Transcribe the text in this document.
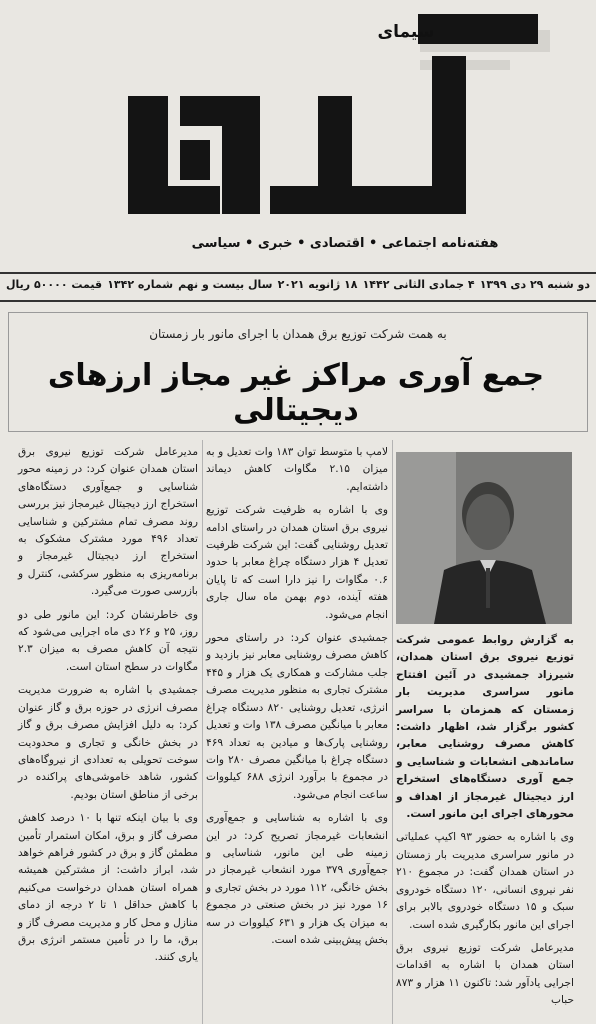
سیمای
هفته‌نامه اجتماعی • اقتصادی • خبری • سیاسی
دو شنبه ۲۹ دی ۱۳۹۹
۴ جمادی الثانی ۱۴۴۲
۱۸ ژانویه ۲۰۲۱
سال بیست و نهم
شماره ۱۳۴۲
قیمت ۵۰۰۰۰ ریال
به همت شرکت توزیع برق همدان با اجرای مانور بار زمستان
جمع آوری مراکز غیر مجاز ارزهای دیجیتالی

به گزارش روابط عمومی شرکت توزیع نیروی برق استان همدان، شیرزاد جمشیدی در آئین افتتاح مانور سراسری مدیریت بار زمستان که همزمان با سراسر کشور برگزار شد، اظهار داشت: کاهش مصرف روشنایی معابر، ساماندهی انشعابات و شناسایی و جمع آوری دستگاه‌های استخراج ارز دیجیتال غیرمجاز از اهداف و محورهای اجرای این مانور است.

وی با اشاره به حضور ۹۳ اکیپ عملیاتی در مانور سراسری مدیریت بار زمستان در استان همدان گفت: در مجموع ۲۱۰ نفر نیروی انسانی، ۱۲۰ دستگاه خودروی سبک و ۱۵ دستگاه خودروی بالابر برای اجرای این مانور بکارگیری شده است.

مدیرعامل شرکت توزیع نیروی برق استان همدان با اشاره به اقدامات اجرایی یادآور شد: تاکنون ۱۱ هزار و ۸۷۳ حباب

لامپ با متوسط توان ۱۸۳ وات تعدیل و به میزان ۲.۱۵ مگاوات کاهش دیماند داشته‌ایم.

وی با اشاره به ظرفیت شرکت توزیع نیروی برق استان همدان در راستای ادامه تعدیل روشنایی گفت: این شرکت ظرفیت تعدیل ۴ هزار دستگاه چراغ معابر با حدود ۰.۶ مگاوات را نیز دارا است که تا پایان هفته آینده، دوم بهمن ماه سال جاری انجام می‌شود.

جمشیدی عنوان کرد: در راستای محور کاهش مصرف روشنایی معابر نیز بازدید و جلب مشارکت و همکاری یک هزار و ۴۴۵ مشترک تجاری به منظور مدیریت مصرف انرژی، تعدیل روشنایی ۸۲۰ دستگاه چراغ معابر با میانگین مصرف ۱۳۸ وات و تعدیل روشنایی پارک‌ها و میادین به تعداد ۴۶۹ دستگاه چراغ با میانگین مصرف ۲۸۰ وات در مجموع با برآورد انرژی ۶۸۸ کیلووات ساعت انجام می‌شود.

وی با اشاره به شناسایی و جمع‌آوری انشعابات غیرمجاز تصریح کرد: در این زمینه طی این مانور، شناسایی و جمع‌آوری ۳۷۹ مورد انشعاب غیرمجاز در بخش خانگی، ۱۱۲ مورد در بخش تجاری و ۱۶ مورد نیز در بخش صنعتی در مجموع به میزان یک هزار و ۶۳۱ کیلووات در سه بخش پیش‌بینی شده است.

مدیرعامل شرکت توزیع نیروی برق استان همدان عنوان کرد: در زمینه محور شناسایی و جمع‌آوری دستگاه‌های استخراج ارز دیجیتال غیرمجاز نیز بررسی روند مصرف تمام مشترکین و شناسایی تعداد ۴۹۶ مورد مشترک مشکوک به استخراج ارز دیجیتال غیرمجاز و برنامه‌ریزی به منظور سرکشی، کنترل و بازرسی صورت می‌گیرد.

وی خاطرنشان کرد: این مانور طی دو روز، ۲۵ و ۲۶ دی ماه اجرایی می‌شود که نتیجه آن کاهش مصرف به میزان ۲.۳ مگاوات در سطح استان است.

جمشیدی با اشاره به ضرورت مدیریت مصرف انرژی در حوزه برق و گاز عنوان کرد: به دلیل افزایش مصرف برق و گاز در بخش خانگی و تجاری و محدودیت سوخت تحویلی به تعدادی از نیروگاه‌های کشور، شاهد خاموشی‌های پراکنده در برخی از مناطق استان بودیم.

وی با بیان اینکه تنها با ۱۰ درصد کاهش مصرف گاز و برق، امکان استمرار تأمین مطمئن گاز و برق در کشور فراهم خواهد شد، ابراز داشت: از مشترکین همیشه همراه استان همدان درخواست می‌کنیم با کاهش حداقل ۱ تا ۲ درجه از دمای منازل و محل کار و مدیریت مصرف گاز و برق، ما را در تأمین مستمر انرژی برق یاری کنند.
